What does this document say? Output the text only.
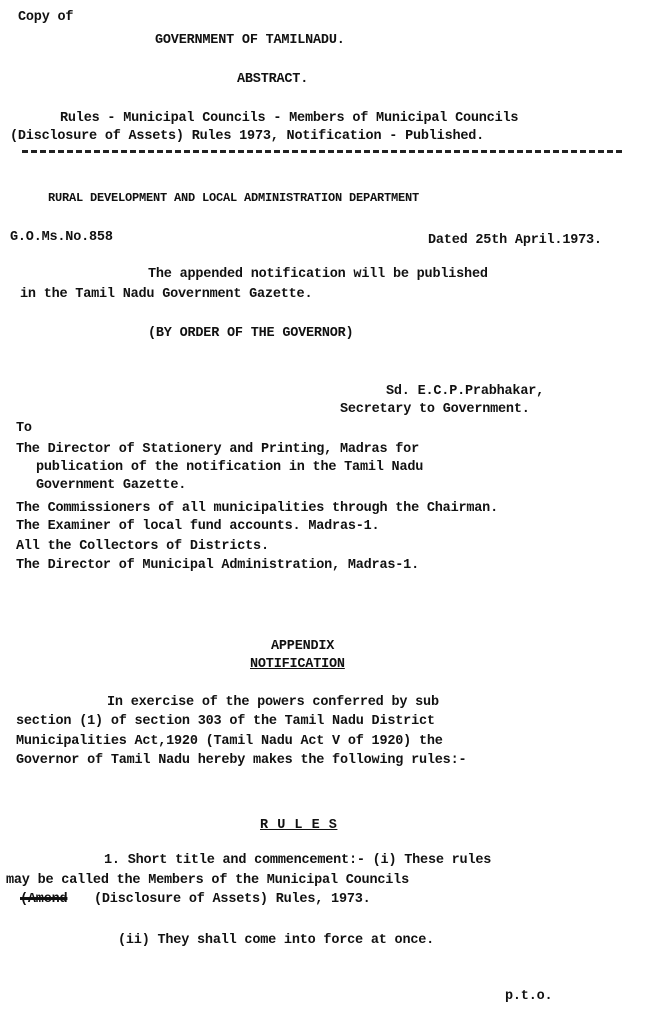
Copy of
GOVERNMENT OF TAMILNADU.
ABSTRACT.
Rules - Municipal Councils - Members of Municipal Councils
(Disclosure of Assets) Rules 1973, Notification - Published.
RURAL DEVELOPMENT AND LOCAL ADMINISTRATION DEPARTMENT
G.O.Ms.No.858	Dated 25th April.1973.
The appended notification will be published
in the Tamil Nadu Government Gazette.
(BY ORDER OF THE GOVERNOR)
Sd. E.C.P.Prabhakar,
Secretary to Government.
To
The Director of Stationery and Printing, Madras for
publication of the notification in the Tamil Nadu
Government Gazette.
The Commissioners of all municipalities through the Chairman.
The Examiner of local fund accounts. Madras-1.
All the Collectors of Districts.
The Director of Municipal Administration, Madras-1.
APPENDIX
NOTIFICATION
In exercise of the powers conferred by sub
section (1) of section 303 of the Tamil Nadu District
Municipalities Act,1920 (Tamil Nadu Act V of 1920) the
Governor of Tamil Nadu hereby makes the following rules:-
R U L E S
1. Short title and commencement:- (i) These rules
may be called the Members of the Municipal Councils
(Amend (Disclosure of Assets) Rules, 1973.
(ii) They shall come into force at once.
p.t.o.
